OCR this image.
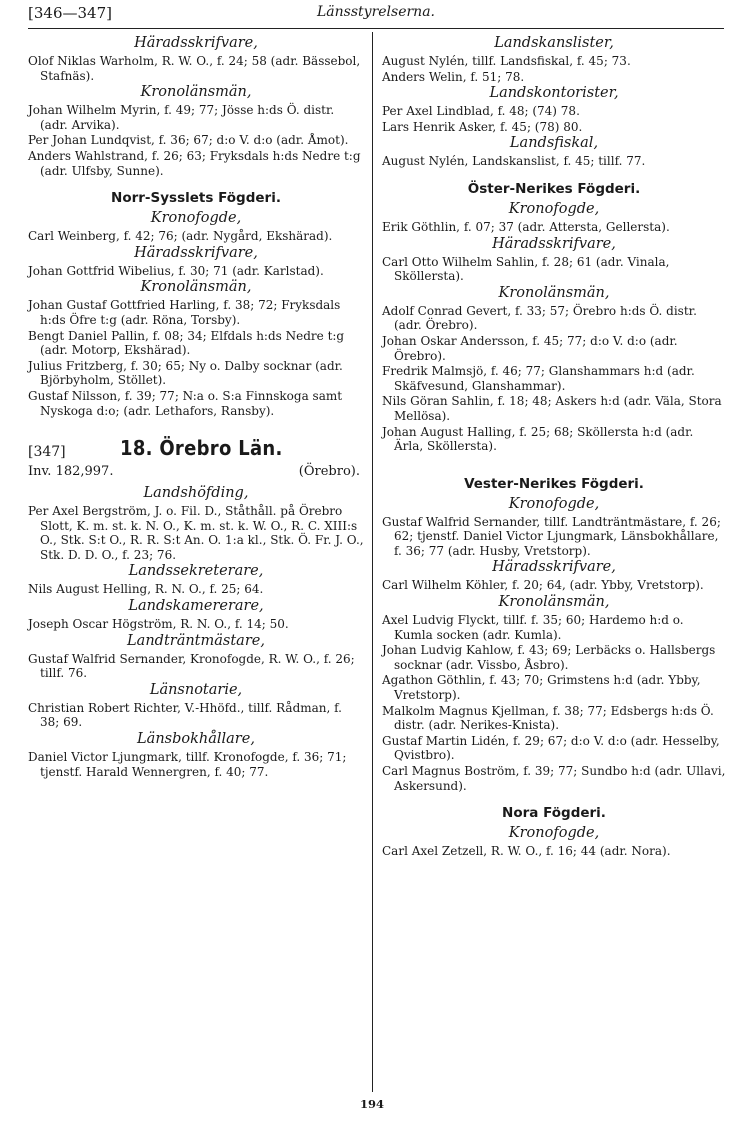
[346—347]	Länsstyrelserna.
Häradsskrifvare,
Olof Niklas Warholm, R. W. O., f. 24; 58 (adr. Bässebol, Stafnäs).
Kronolänsmän,
Johan Wilhelm Myrin, f. 49; 77; Jösse h:ds Ö. distr. (adr. Arvika).
Per Johan Lundqvist, f. 36; 67; d:o V. d:o (adr. Åmot).
Anders Wahlstrand, f. 26; 63; Fryksdals h:ds Nedre t:g (adr. Ulfsby, Sunne).
Norr-Sysslets Fögderi.
Kronofogde,
Carl Weinberg, f. 42; 76; (adr. Nygård, Ekshärad).
Häradsskrifvare,
Johan Gottfrid Wibelius, f. 30; 71 (adr. Karlstad).
Kronolänsmän,
Johan Gustaf Gottfried Harling, f. 38; 72; Fryksdals h:ds Öfre t:g (adr. Röna, Torsby).
Bengt Daniel Pallin, f. 08; 34; Elfdals h:ds Nedre t:g (adr. Motorp, Ekshärad).
Julius Fritzberg, f. 30; 65; Ny o. Dalby socknar (adr. Björbyholm, Stöllet).
Gustaf Nilsson, f. 39; 77; N:a o. S:a Finnskoga samt Nyskoga d:o; (adr. Lethafors, Ransby).
[347]	18. Örebro Län.
Inv. 182,997.	(Örebro).
Landshöfding,
Per Axel Bergström, J. o. Fil. D., Ståthåll. på Örebro Slott, K. m. st. k. N. O., K. m. st. k. W. O., R. C. XIII:s O., Stk. S:t O., R. R. S:t An. O. 1:a kl., Stk. Ö. Fr. J. O., Stk. D. D. O., f. 23; 76.
Landssekreterare,
Nils August Helling, R. N. O., f. 25; 64.
Landskamererare,
Joseph Oscar Högström, R. N. O., f. 14; 50.
Landträntmästare,
Gustaf Walfrid Sernander, Kronofogde, R. W. O., f. 26; tillf. 76.
Länsnotarie,
Christian Robert Richter, V.-Hhöfd., tillf. Rådman, f. 38; 69.
Länsbokhållare,
Daniel Victor Ljungmark, tillf. Kronofogde, f. 36; 71; tjenstf. Harald Wennergren, f. 40; 77.
Landskanslister,
August Nylén, tillf. Landsfiskal, f. 45; 73.
Anders Welin, f. 51; 78.
Landskontorister,
Per Axel Lindblad, f. 48; (74) 78.
Lars Henrik Asker, f. 45; (78) 80.
Landsfiskal,
August Nylén, Landskanslist, f. 45; tillf. 77.
Öster-Nerikes Fögderi.
Kronofogde,
Erik Göthlin, f. 07; 37 (adr. Attersta, Gellersta).
Häradsskrifvare,
Carl Otto Wilhelm Sahlin, f. 28; 61 (adr. Vinala, Sköllersta).
Kronolänsmän,
Adolf Conrad Gevert, f. 33; 57; Örebro h:ds Ö. distr. (adr. Örebro).
Johan Oskar Andersson, f. 45; 77; d:o V. d:o (adr. Örebro).
Fredrik Malmsjö, f. 46; 77; Glanshammars h:d (adr. Skäfvesund, Glanshammar).
Nils Göran Sahlin, f. 18; 48; Askers h:d (adr. Väla, Stora Mellösa).
Johan August Halling, f. 25; 68; Sköllersta h:d (adr. Ärla, Sköllersta).
Vester-Nerikes Fögderi.
Kronofogde,
Gustaf Walfrid Sernander, tillf. Landträntmästare, f. 26; 62; tjenstf. Daniel Victor Ljungmark, Länsbokhållare, f. 36; 77 (adr. Husby, Vretstorp).
Häradsskrifvare,
Carl Wilhelm Köhler, f. 20; 64, (adr. Ybby, Vretstorp).
Kronolänsmän,
Axel Ludvig Flyckt, tillf. f. 35; 60; Hardemo h:d o. Kumla socken (adr. Kumla).
Johan Ludvig Kahlow, f. 43; 69; Lerbäcks o. Hallsbergs socknar (adr. Vissbo, Åsbro).
Agathon Göthlin, f. 43; 70; Grimstens h:d (adr. Ybby, Vretstorp).
Malkolm Magnus Kjellman, f. 38; 77; Edsbergs h:ds Ö. distr. (adr. Nerikes-Knista).
Gustaf Martin Lidén, f. 29; 67; d:o V. d:o (adr. Hesselby, Qvistbro).
Carl Magnus Boström, f. 39; 77; Sundbo h:d (adr. Ullavi, Askersund).
Nora Fögderi.
Kronofogde,
Carl Axel Zetzell, R. W. O., f. 16; 44 (adr. Nora).
194
